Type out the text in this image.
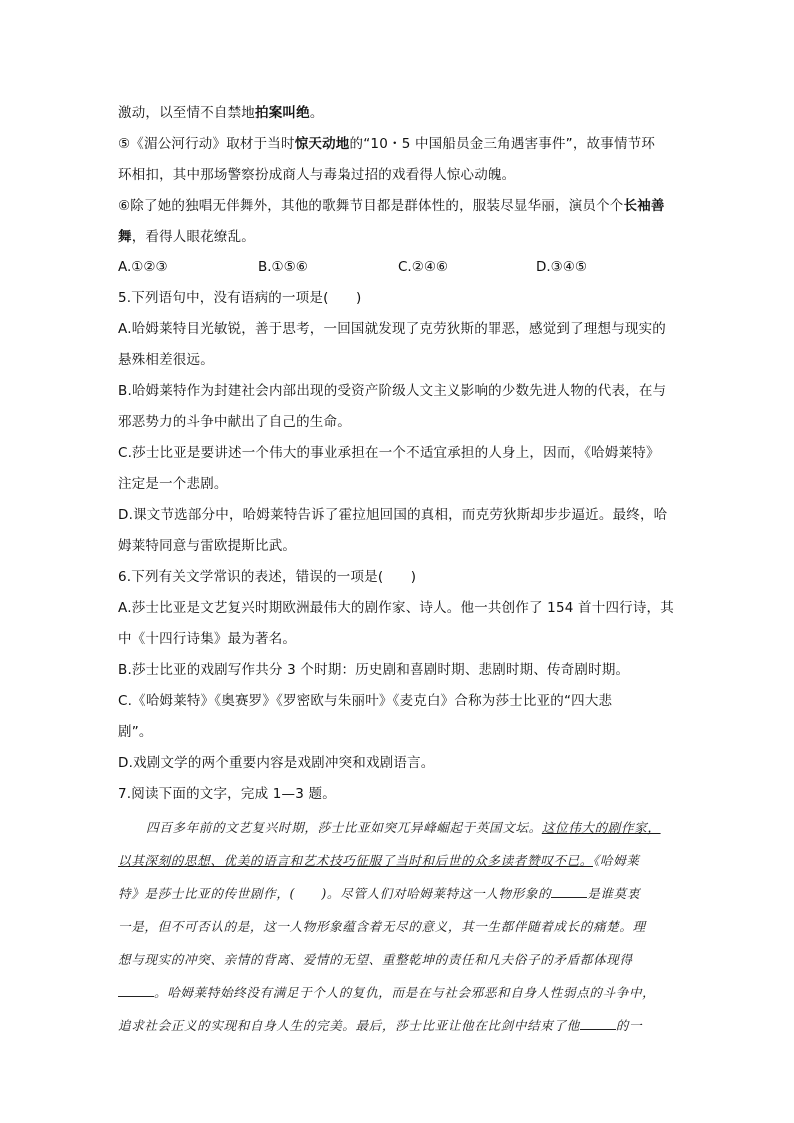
激动，以至情不自禁地拍案叫绝。
⑤《湄公河行动》取材于当时惊天动地的“10・5 中国船员金三角遇害事件”，故事情节环
环相扣，其中那场警察扮成商人与毒枭过招的戏看得人惊心动魄。
⑥除了她的独唱无伴舞外，其他的歌舞节目都是群体性的，服装尽显华丽，演员个个长袖善
舞，看得人眼花缭乱。
A.①②③	B.①⑤⑥	C.②④⑥	D.③④⑤
5.下列语句中，没有语病的一项是(　　)
A.哈姆莱特目光敏锐，善于思考，一回国就发现了克劳狄斯的罪恶，感觉到了理想与现实的
悬殊相差很远。
B.哈姆莱特作为封建社会内部出现的受资产阶级人文主义影响的少数先进人物的代表，在与
邪恶势力的斗争中献出了自己的生命。
C.莎士比亚是要讲述一个伟大的事业承担在一个不适宜承担的人身上，因而，《哈姆莱特》
注定是一个悲剧。
D.课文节选部分中，哈姆莱特告诉了霍拉旭回国的真相，而克劳狄斯却步步逼近。最终，哈
姆莱特同意与雷欧提斯比武。
6.下列有关文学常识的表述，错误的一项是(　　)
A.莎士比亚是文艺复兴时期欧洲最伟大的剧作家、诗人。他一共创作了 154 首十四行诗，其
中《十四行诗集》最为著名。
B.莎士比亚的戏剧写作共分 3 个时期：历史剧和喜剧时期、悲剧时期、传奇剧时期。
C.《哈姆莱特》《奥赛罗》《罗密欧与朱丽叶》《麦克白》合称为莎士比亚的“四大悲
剧”。
D.戏剧文学的两个重要内容是戏剧冲突和戏剧语言。
7.阅读下面的文字，完成 1—3 题。
四百多年前的文艺复兴时期，莎士比亚如突兀异峰崛起于英国文坛。这位伟大的剧作家，
以其深刻的思想、优美的语言和艺术技巧征服了当时和后世的众多读者赞叹不已。《哈姆莱
特》是莎士比亚的传世剧作，(　　)。尽管人们对哈姆莱特这一人物形象的	是谁莫衷
一是，但不可否认的是，这一人物形象蕴含着无尽的意义，其一生都伴随着成长的痛楚。理
想与现实的冲突、亲情的背离、爱情的无望、重整乾坤的责任和凡夫俗子的矛盾都体现得
。哈姆莱特始终没有满足于个人的复仇，而是在与社会邪恶和自身人性弱点的斗争中，
追求社会正义的实现和自身人生的完美。最后，莎士比亚让他在比剑中结束了他	的一
